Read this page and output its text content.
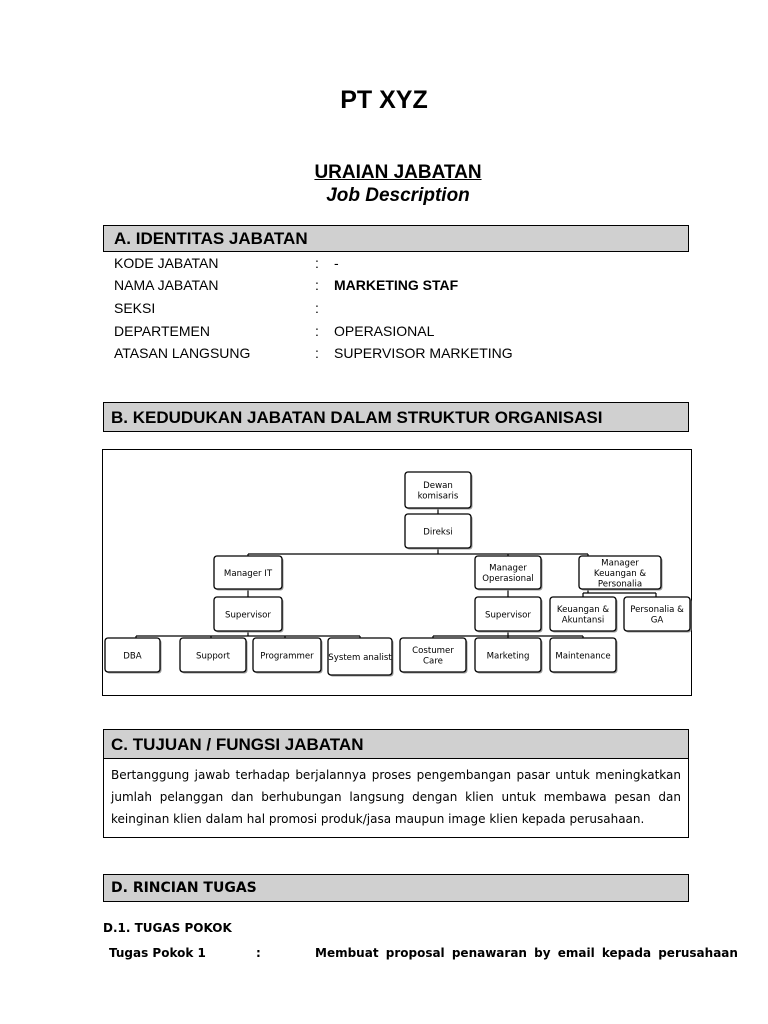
PT XYZ
URAIAN JABATAN
Job Description
A. IDENTITAS JABATAN
KODE JABATAN	: -
NAMA JABATAN	: MARKETING STAF
SEKSI	:
DEPARTEMEN	: OPERASIONAL
ATASAN LANGSUNG	: SUPERVISOR MARKETING
B. KEDUDUKAN JABATAN DALAM STRUKTUR ORGANISASI
Dewan
komisaris
Direksi
Manager IT
Supervisor
DBA	Support	Programmer System analist
Manager
Operasional
Supervisor
Costumer
Care
Marketing	Maintenance
Manager
Keuangan &
Personalia
Keuangan &
Akuntansi
Personalia &
GA
C. TUJUAN / FUNGSI JABATAN

Bertanggung jawab terhadap berjalannya proses pengembangan pasar untuk meningkatkan jumlah pelanggan dan berhubungan langsung dengan klien untuk membawa pesan dan keinginan klien dalam hal promosi produk/jasa maupun image klien kepada perusahaan.

D. RINCIAN TUGAS
D.1. TUGAS POKOK
Tugas Pokok 1	:	Membuat proposal penawaran by email kepada perusahaan
